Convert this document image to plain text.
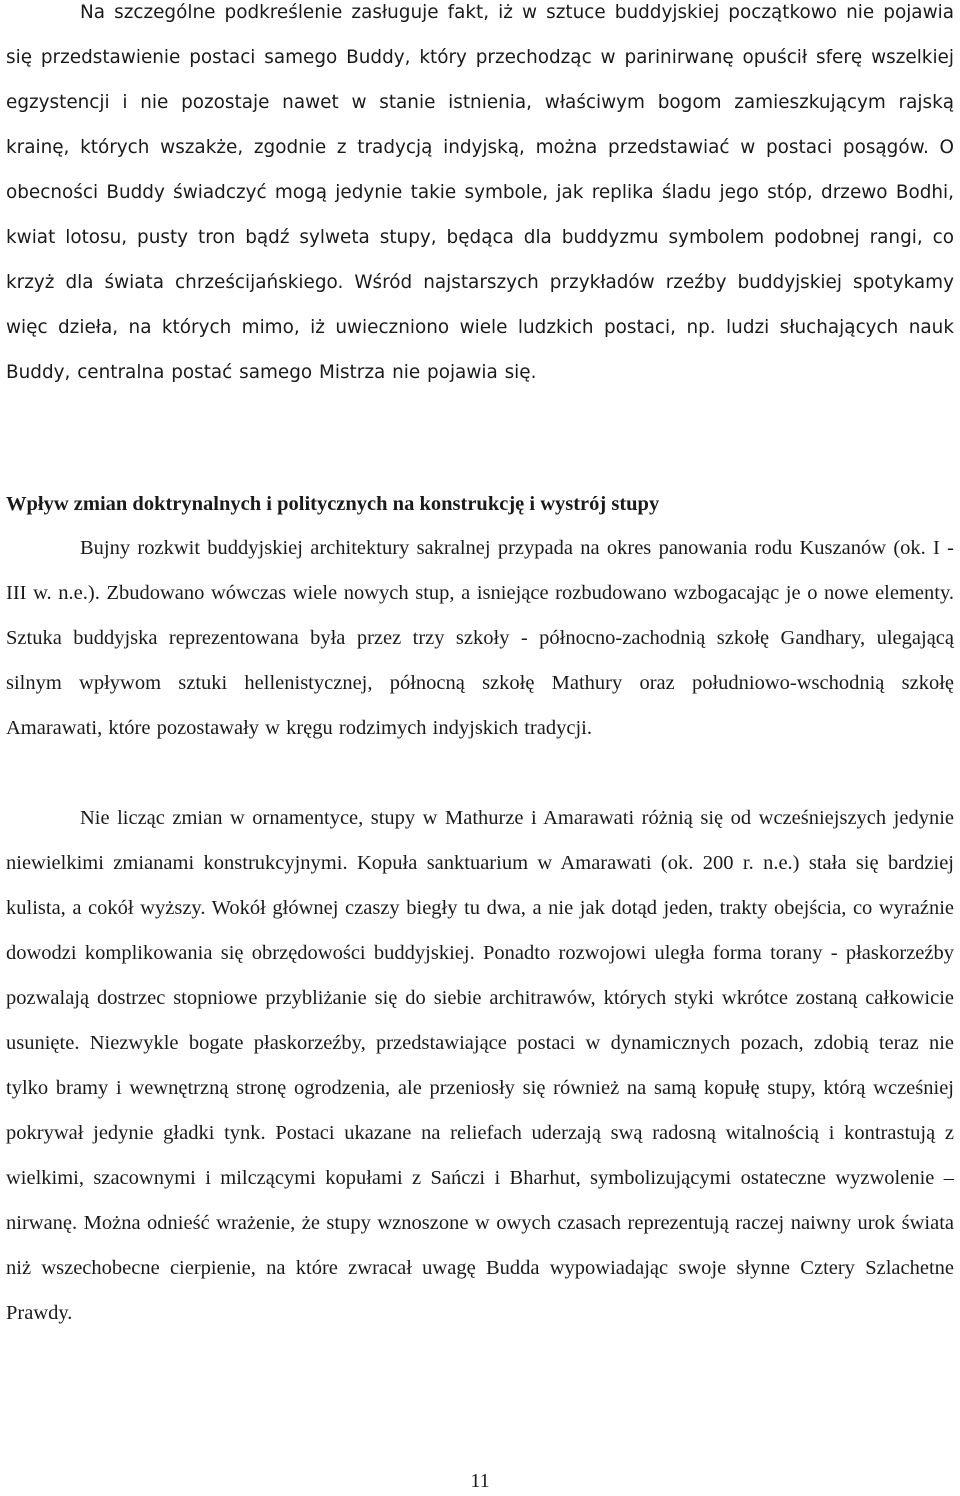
Na szczególne podkreślenie zasługuje fakt, iż w sztuce buddyjskiej początkowo nie pojawia się przedstawienie postaci samego Buddy, który przechodząc w parinirwanę opuścił sferę wszelkiej egzystencji i nie pozostaje nawet w stanie istnienia, właściwym bogom zamieszkującym rajską krainę, których wszakże, zgodnie z tradycją indyjską, można przedstawiać w postaci posągów. O obecności Buddy świadczyć mogą jedynie takie symbole, jak replika śladu jego stóp, drzewo Bodhi, kwiat lotosu, pusty tron bądź sylweta stupy, będąca dla buddyzmu symbolem podobnej rangi, co krzyż dla świata chrześcijańskiego. Wśród najstarszych przykładów rzeźby buddyjskiej spotykamy więc dzieła, na których mimo, iż uwieczniono wiele ludzkich postaci, np. ludzi słuchających nauk Buddy, centralna postać samego Mistrza nie pojawia się.

Wpływ zmian doktrynalnych i politycznych na konstrukcję i wystrój stupy

Bujny rozkwit buddyjskiej architektury sakralnej przypada na okres panowania rodu Kuszanów (ok. I - III w. n.e.). Zbudowano wówczas wiele nowych stup, a isniejące rozbudowano wzbogacając je o nowe elementy. Sztuka buddyjska reprezentowana była przez trzy szkoły - północno-zachodnią szkołę Gandhary, ulegającą silnym wpływom sztuki hellenistycznej, północną szkołę Mathury oraz południowo-wschodnią szkołę Amarawati, które pozostawały w kręgu rodzimych indyjskich tradycji.

Nie licząc zmian w ornamentyce, stupy w Mathurze i Amarawati różnią się od wcześniejszych jedynie niewielkimi zmianami konstrukcyjnymi. Kopuła sanktuarium w Amarawati (ok. 200 r. n.e.) stała się bardziej kulista, a cokół wyższy. Wokół głównej czaszy biegły tu dwa, a nie jak dotąd jeden, trakty obejścia, co wyraźnie dowodzi komplikowania się obrzędowości buddyjskiej. Ponadto rozwojowi uległa forma torany - płaskorzeźby pozwalają dostrzec stopniowe przybliżanie się do siebie architrawów, których styki wkrótce zostaną całkowicie usunięte. Niezwykle bogate płaskorzeźby, przedstawiające postaci w dynamicznych pozach, zdobią teraz nie tylko bramy i wewnętrzną stronę ogrodzenia, ale przeniosły się również na samą kopułę stupy, którą wcześniej pokrywał jedynie gładki tynk. Postaci ukazane na reliefach uderzają swą radosną witalnością i kontrastują z wielkimi, szacownymi i milczącymi kopułami z Sańczi i Bharhut, symbolizującymi ostateczne wyzwolenie – nirwanę. Można odnieść wrażenie, że stupy wznoszone w owych czasach reprezentują raczej naiwny urok świata niż wszechobecne cierpienie, na które zwracał uwagę Budda wypowiadając swoje słynne Cztery Szlachetne Prawdy.

11
